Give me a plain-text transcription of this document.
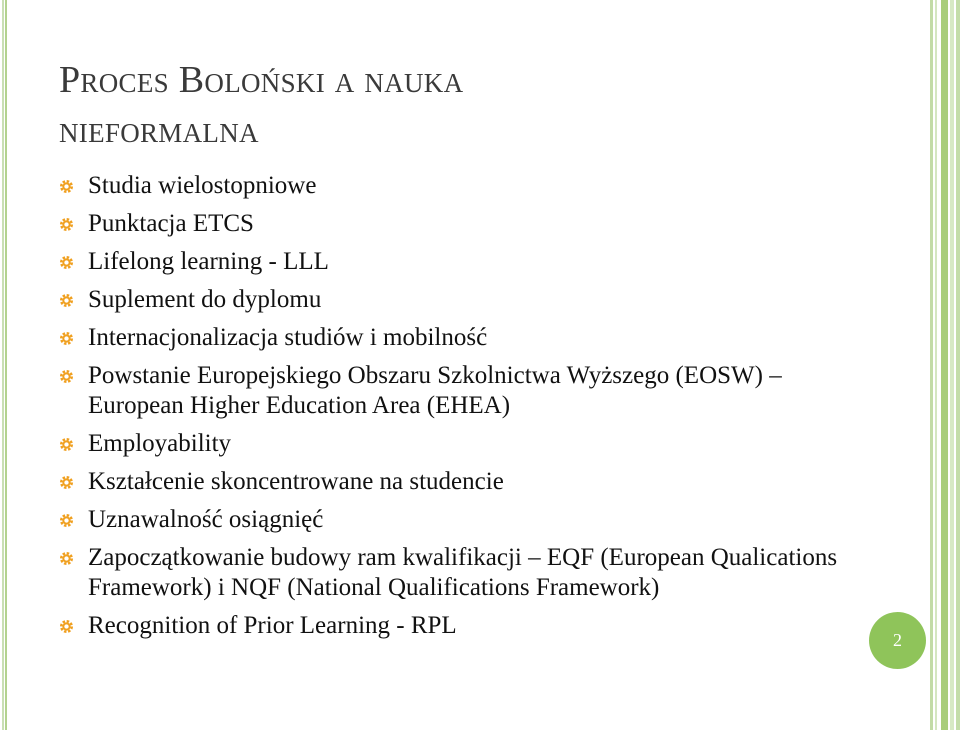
Proces Boloński a nauka
nieformalna
Studia wielostopniowe
Punktacja ETCS
Lifelong learning - LLL
Suplement do dyplomu
Internacjonalizacja studiów i mobilność
Powstanie Europejskiego Obszaru Szkolnictwa Wyższego (EOSW) – European Higher Education Area (EHEA)
Employability
Kształcenie skoncentrowane na studencie
Uznawalność osiągnięć
Zapoczątkowanie budowy ram kwalifikacji – EQF (European Qualications Framework) i NQF (National Qualifications Framework)
Recognition of Prior Learning - RPL
2
